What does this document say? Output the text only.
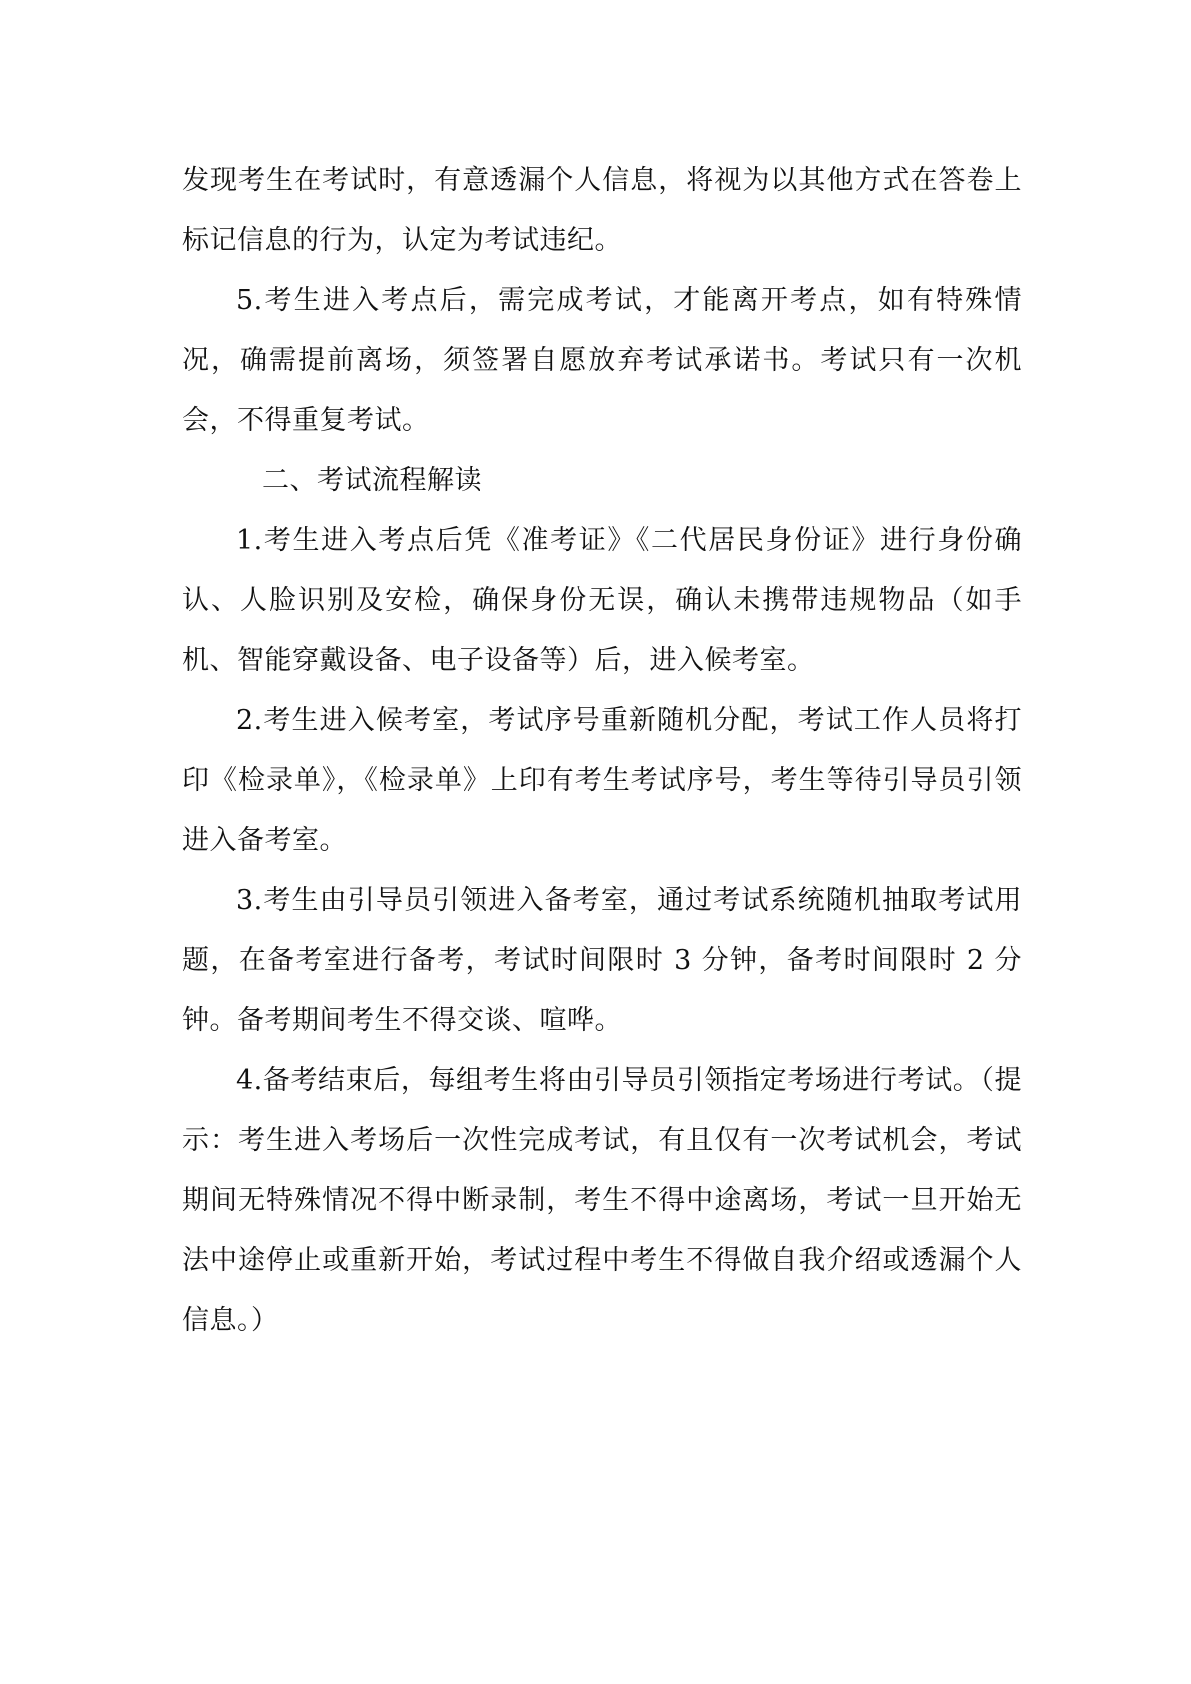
发现考生在考试时，有意透漏个人信息，将视为以其他方式在答卷上标记信息的行为，认定为考试违纪。

5.考生进入考点后，需完成考试，才能离开考点，如有特殊情况，确需提前离场，须签署自愿放弃考试承诺书。考试只有一次机会，不得重复考试。

二、考试流程解读

1.考生进入考点后凭《准考证》《二代居民身份证》进行身份确认、人脸识别及安检，确保身份无误，确认未携带违规物品（如手机、智能穿戴设备、电子设备等）后，进入候考室。

2.考生进入候考室，考试序号重新随机分配，考试工作人员将打印《检录单》，《检录单》上印有考生考试序号，考生等待引导员引领进入备考室。

3.考生由引导员引领进入备考室，通过考试系统随机抽取考试用题，在备考室进行备考，考试时间限时 3 分钟，备考时间限时 2 分钟。备考期间考生不得交谈、喧哗。

4.备考结束后，每组考生将由引导员引领指定考场进行考试。（提示：考生进入考场后一次性完成考试，有且仅有一次考试机会，考试期间无特殊情况不得中断录制，考生不得中途离场，考试一旦开始无法中途停止或重新开始，考试过程中考生不得做自我介绍或透漏个人信息。）
